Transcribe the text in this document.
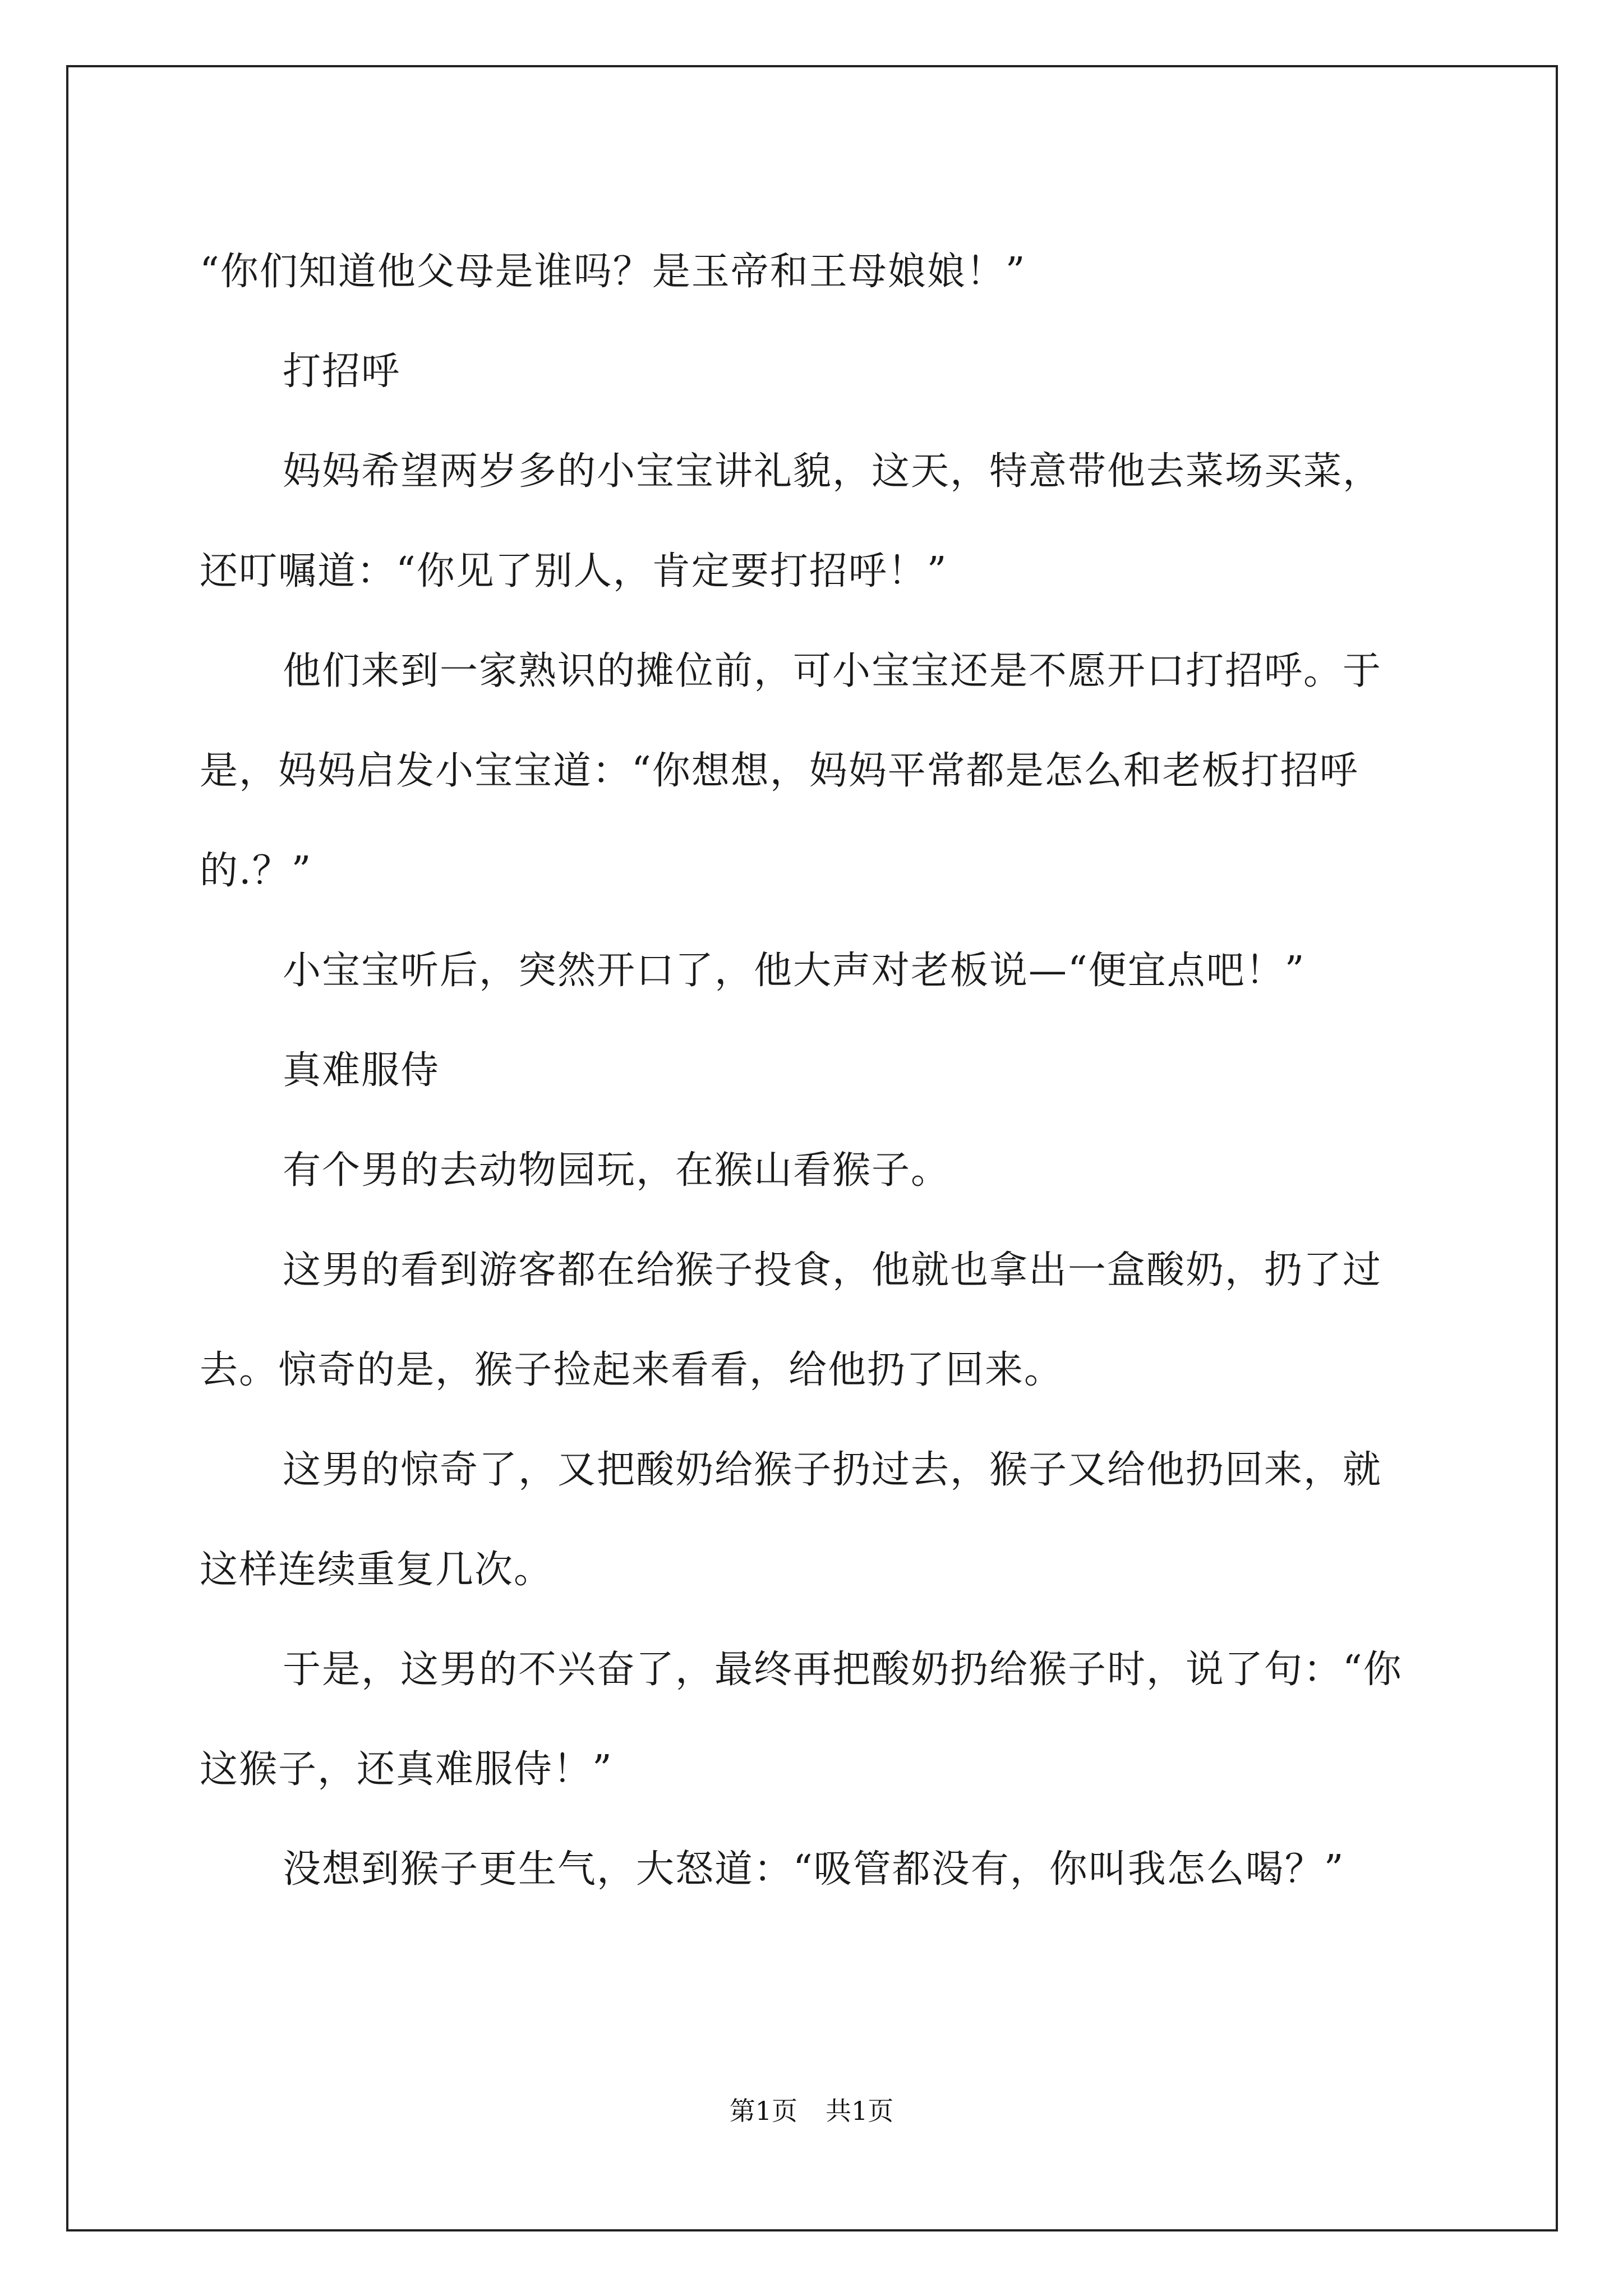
“你们知道他父母是谁吗？是玉帝和王母娘娘！”
打招呼
妈妈希望两岁多的小宝宝讲礼貌，这天，特意带他去菜场买菜，
还叮嘱道：“你见了别人，肯定要打招呼！”
他们来到一家熟识的摊位前，可小宝宝还是不愿开口打招呼。于
是，妈妈启发小宝宝道：“你想想，妈妈平常都是怎么和老板打招呼
的.？”
小宝宝听后，突然开口了，他大声对老板说—“便宜点吧！”
真难服侍
有个男的去动物园玩，在猴山看猴子。
这男的看到游客都在给猴子投食，他就也拿出一盒酸奶，扔了过
去。惊奇的是，猴子捡起来看看，给他扔了回来。
这男的惊奇了，又把酸奶给猴子扔过去，猴子又给他扔回来，就
这样连续重复几次。
于是，这男的不兴奋了，最终再把酸奶扔给猴子时，说了句：“你
这猴子，还真难服侍！”
没想到猴子更生气，大怒道：“吸管都没有，你叫我怎么喝？”
第1页 共1页
